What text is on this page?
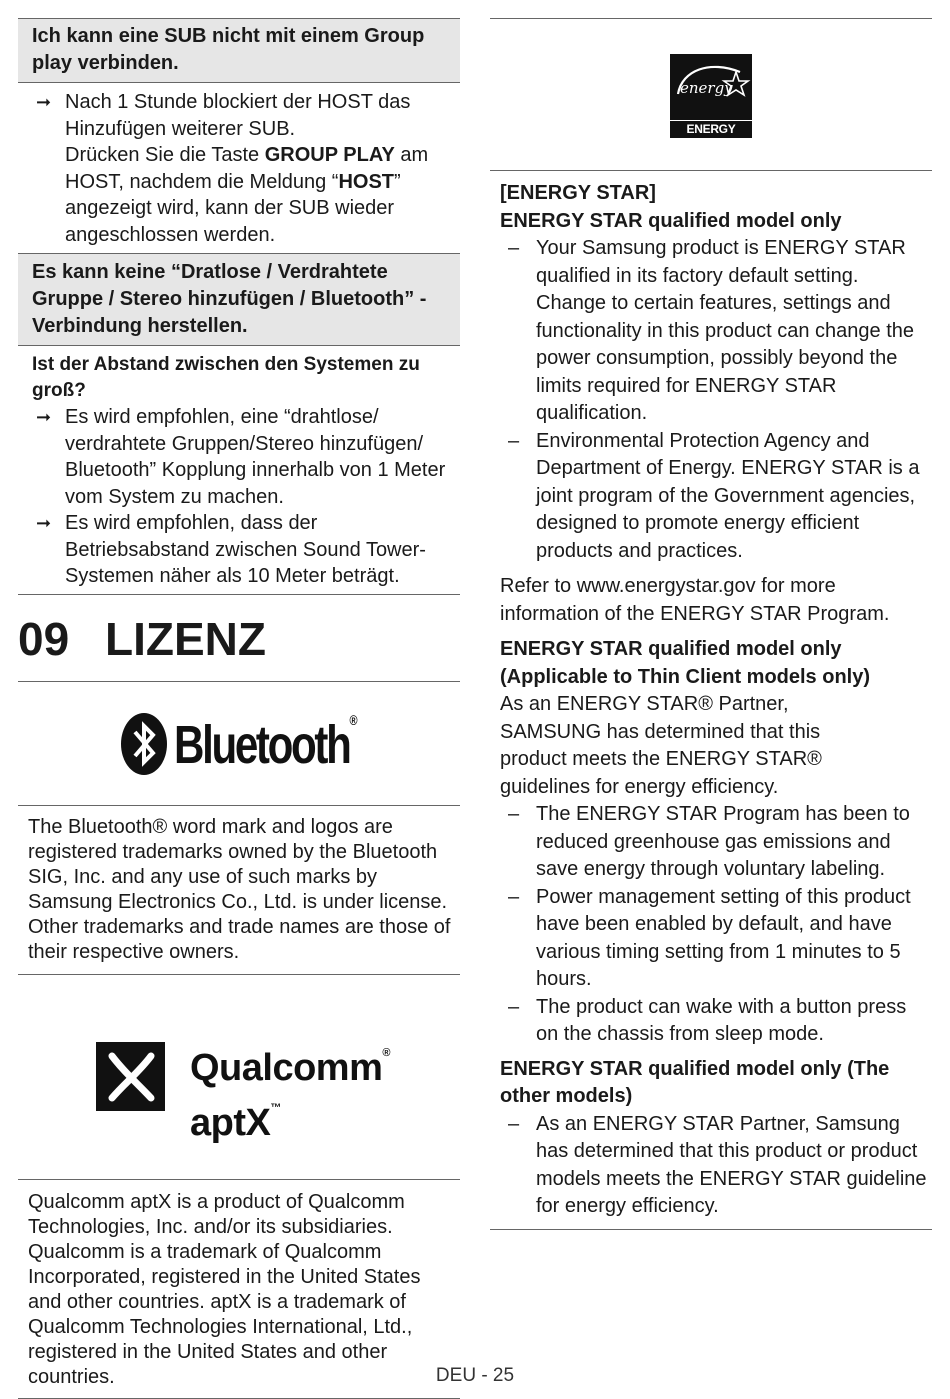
Ich kann eine SUB nicht mit einem Group play verbinden.
➞ Nach 1 Stunde blockiert der HOST das Hinzufügen weiterer SUB.
Drücken Sie die Taste GROUP PLAY am HOST, nachdem die Meldung “HOST” angezeigt wird, kann der SUB wieder angeschlossen werden.
Es kann keine “Dratlose / Verdrahtete Gruppe / Stereo hinzufügen / Bluetooth” -Verbindung herstellen.
Ist der Abstand zwischen den Systemen zu groß?
➞ Es wird empfohlen, eine “drahtlose/ verdrahtete Gruppen/Stereo hinzufügen/ Bluetooth” Kopplung innerhalb von 1 Meter vom System zu machen.
➞ Es wird empfohlen, dass der Betriebsabstand zwischen Sound Tower-Systemen näher als 10 Meter beträgt.
09 LIZENZ
Bluetooth®
The Bluetooth® word mark and logos are registered trademarks owned by the Bluetooth SIG, Inc. and any use of such marks by Samsung Electronics Co., Ltd. is under license. Other trademarks and trade names are those of their respective owners.
Qualcomm®
aptX™
Qualcomm aptX is a product of Qualcomm Technologies, Inc. and/or its subsidiaries. Qualcomm is a trademark of Qualcomm Incorporated, registered in the United States and other countries. aptX is a trademark of Qualcomm Technologies International, Ltd., registered in the United States and other countries.
energy
ENERGY STAR
[ENERGY STAR]
ENERGY STAR qualified model only
– Your Samsung product is ENERGY STAR qualified in its factory default setting. Change to certain features, settings and functionality in this product can change the power consumption, possibly beyond the limits required for ENERGY STAR qualification.
– Environmental Protection Agency and Department of Energy. ENERGY STAR is a joint program of the Government agencies, designed to promote energy efficient products and practices.
Refer to www.energystar.gov for more information of the ENERGY STAR Program.
ENERGY STAR qualified model only (Applicable to Thin Client models only)
As an ENERGY STAR® Partner, SAMSUNG has determined that this product meets the ENERGY STAR® guidelines for energy efficiency.
– The ENERGY STAR Program has been to reduced greenhouse gas emissions and save energy through voluntary labeling.
– Power management setting of this product have been enabled by default, and have various timing setting from 1 minutes to 5 hours.
– The product can wake with a button press on the chassis from sleep mode.
ENERGY STAR qualified model only (The other models)
– As an ENERGY STAR Partner, Samsung has determined that this product or product models meets the ENERGY STAR guideline for energy efficiency.
DEU - 25
